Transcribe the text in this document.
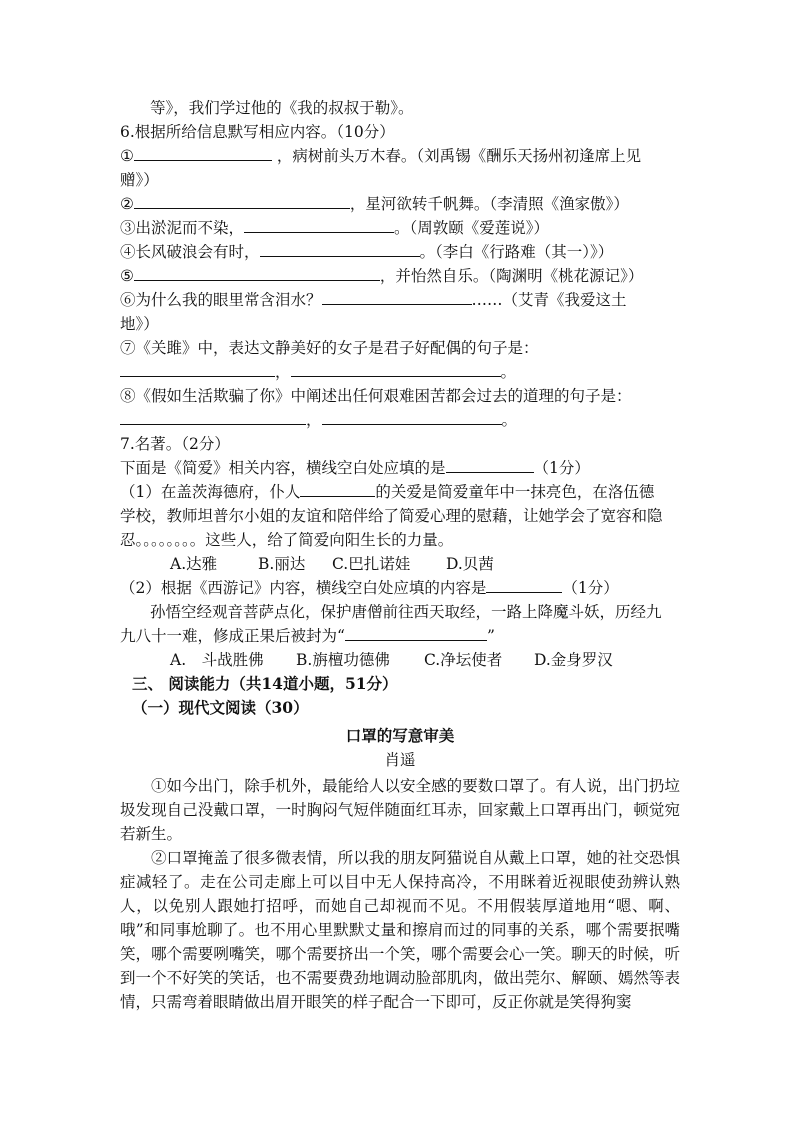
等》，我们学过他的《我的叔叔于勒》。
6.根据所给信息默写相应内容。（10分）
①	，病树前头万木春。（刘禹锡《酬乐天扬州初逢席上见
赠》）
②	，星河欲转千帆舞。（李清照《渔家傲》）
③出淤泥而不染，	。（周敦颐《爱莲说》）
④长风破浪会有时，	。（李白《行路难（其一）》）
⑤	，并怡然自乐。（陶渊明《桃花源记》）
⑥为什么我的眼里常含泪水？	……（艾青《我爱这土
地》）
⑦《关雎》中，表达文静美好的女子是君子好配偶的句子是：
，	。
⑧《假如生活欺骗了你》中阐述出任何艰难困苦都会过去的道理的句子是：
，	。
7.名著。（2分）
下面是《简爱》相关内容，横线空白处应填的是	（1分）
（1）在盖茨海德府，仆人	的关爱是简爱童年中一抹亮色，在洛伍德
学校，教师坦普尔小姐的友谊和陪伴给了简爱心理的慰藉，让她学会了宽容和隐
忍。。。。。。。。这些人，给了简爱向阳生长的力量。
A.达雅	B.丽达 C.巴扎诺娃 D.贝茜
（2）根据《西游记》内容，横线空白处应填的内容是	（1分）
孙悟空经观音菩萨点化，保护唐僧前往西天取经，一路上降魔斗妖，历经九
九八十一难，修成正果后被封为“	”
A.　斗战胜佛 B.旃檀功德佛 C.净坛使者 D.金身罗汉
三、 阅读能力（共14道小题，51分）
（一）现代文阅读（30）
口罩的写意审美
肖遥
①如今出门，除手机外，最能给人以安全感的要数口罩了。有人说，出门扔垃圾发现自己没戴口罩，一时胸闷气短伴随面红耳赤，回家戴上口罩再出门，顿觉宛若新生。
②口罩掩盖了很多微表情，所以我的朋友阿猫说自从戴上口罩，她的社交恐惧症减轻了。走在公司走廊上可以目中无人保持高冷，不用眯着近视眼使劲辨认熟人，以免别人跟她打招呼，而她自己却视而不见。不用假装厚道地用“嗯、啊、哦”和同事尬聊了。也不用心里默默丈量和擦肩而过的同事的关系，哪个需要抿嘴笑，哪个需要咧嘴笑，哪个需要挤出一个笑，哪个需要会心一笑。聊天的时候，听到一个不好笑的笑话，也不需要费劲地调动脸部肌肉，做出莞尔、解颐、嫣然等表情，只需弯着眼睛做出眉开眼笑的样子配合一下即可，反正你就是笑得狗窦
